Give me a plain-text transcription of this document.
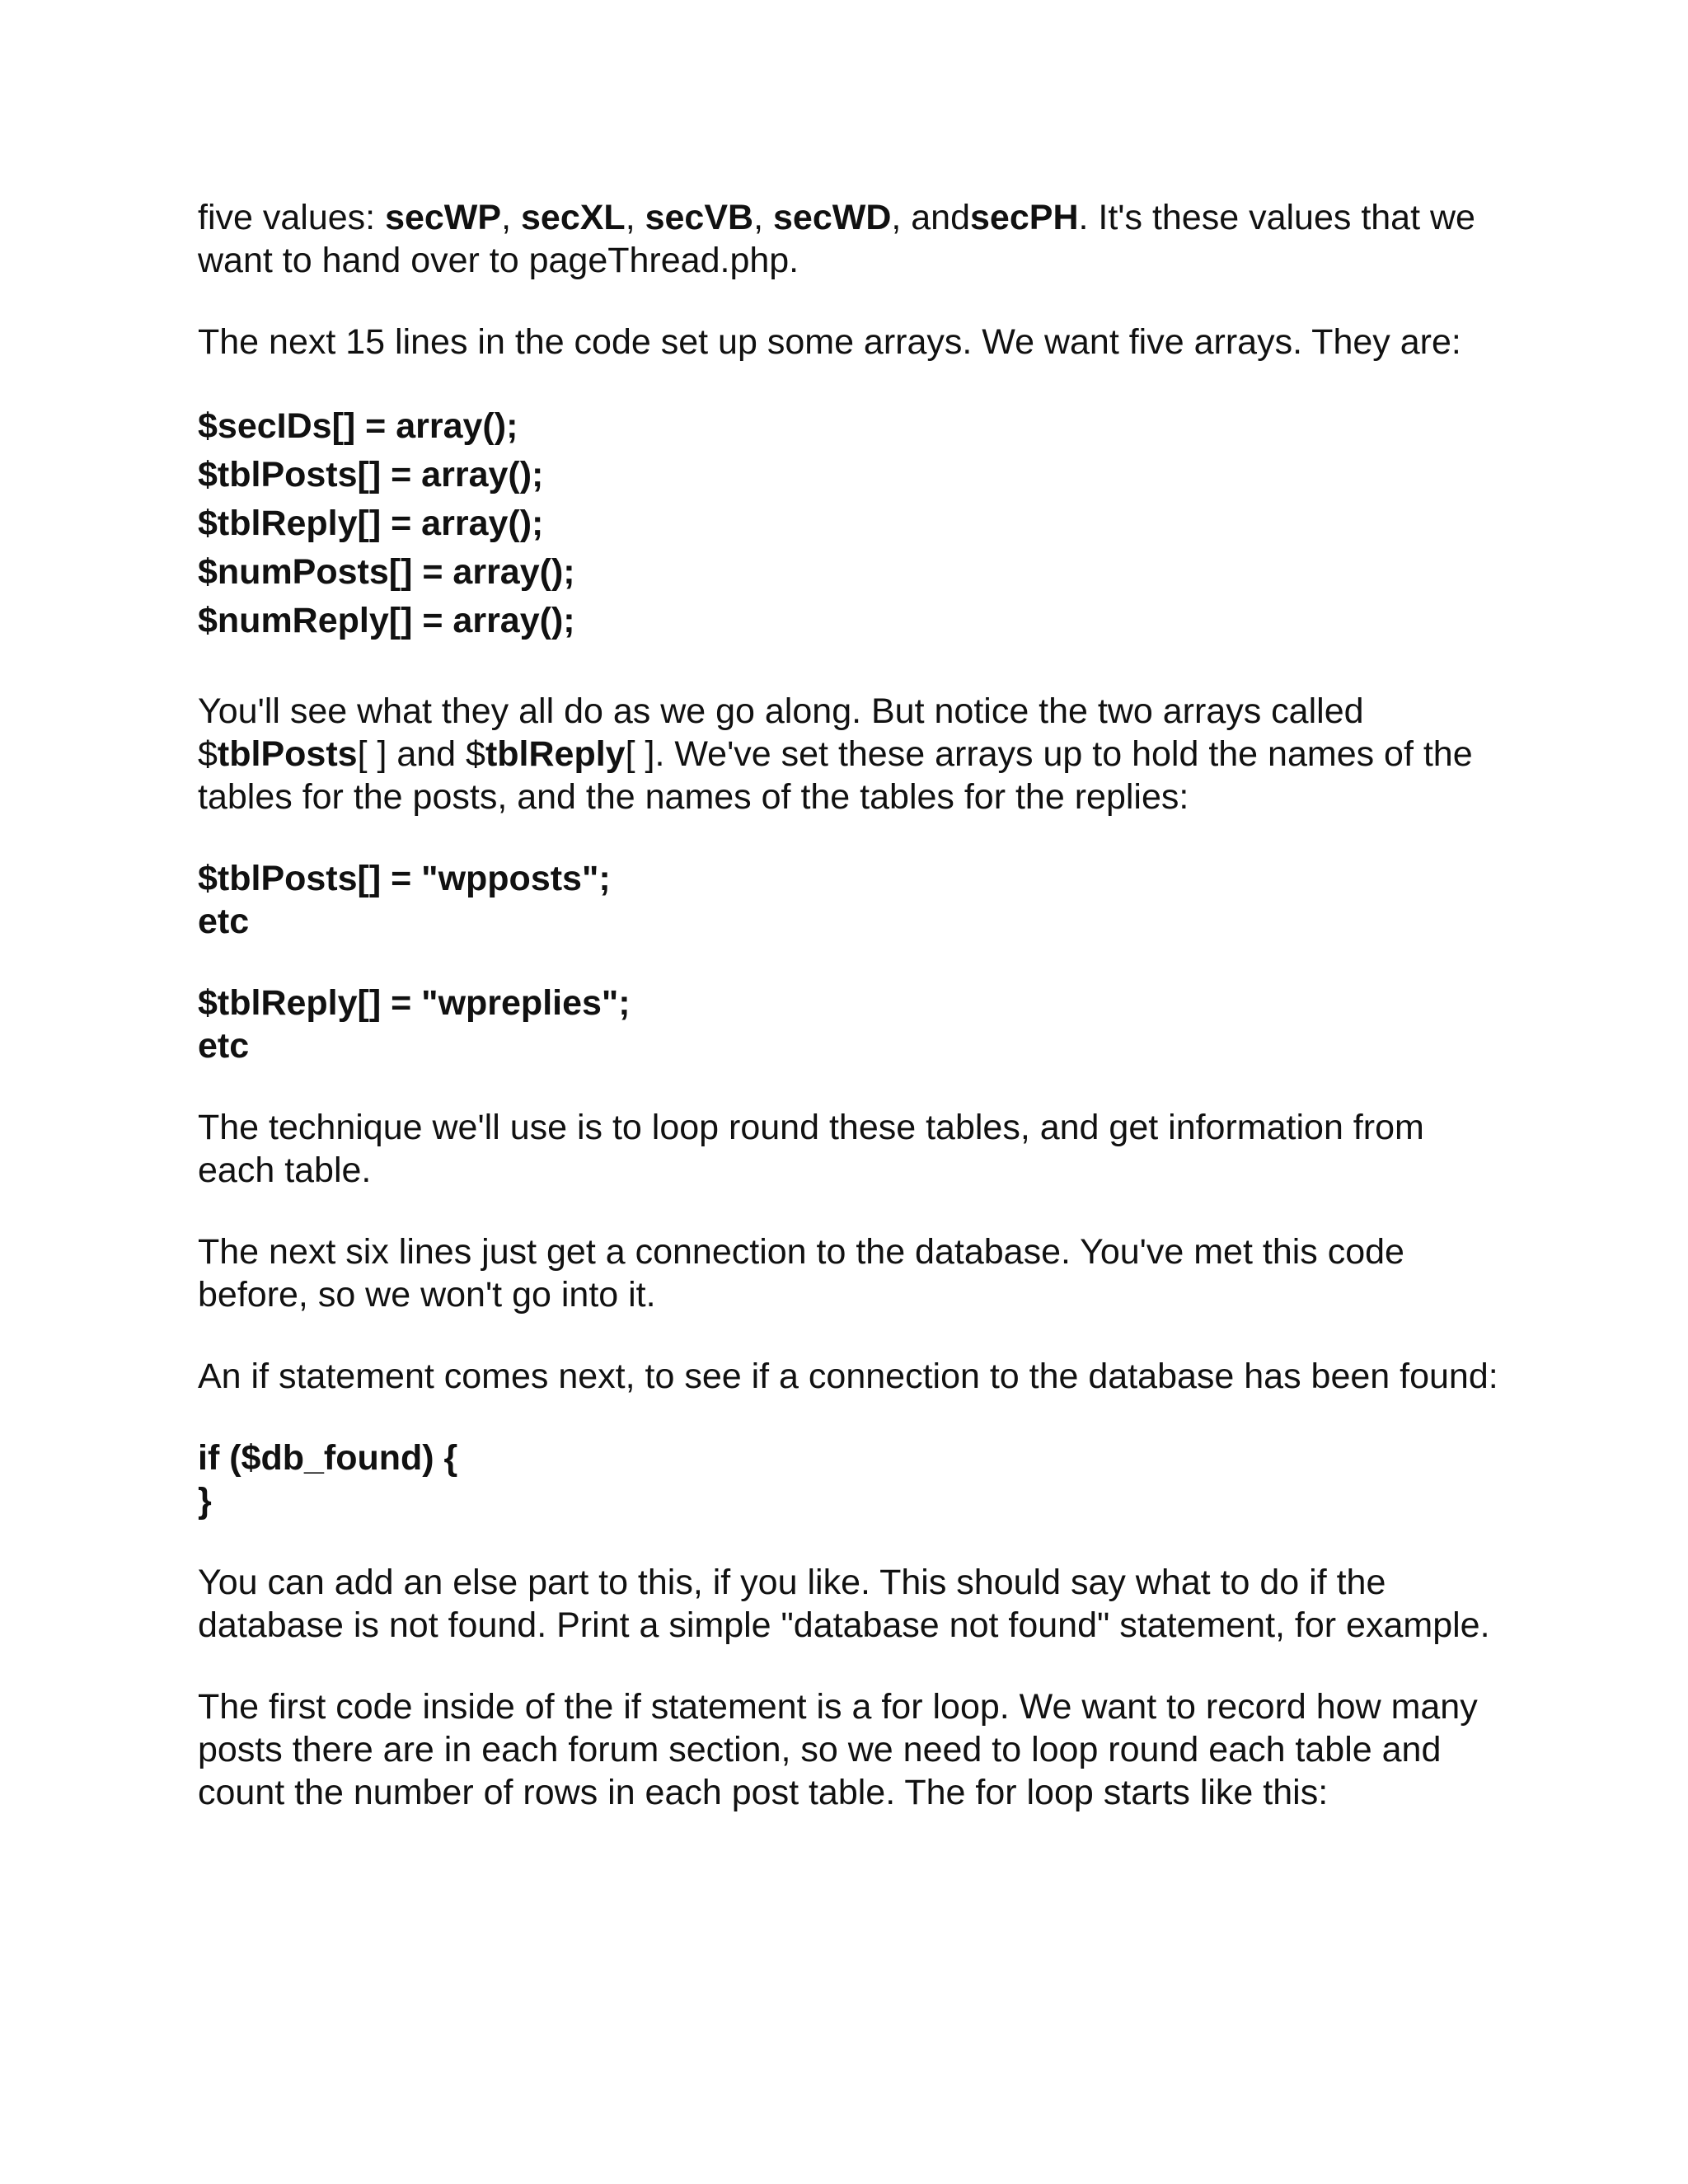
five values: secWP, secXL, secVB, secWD, andsecPH. It's these values that we want to hand over to pageThread.php.

The next 15 lines in the code set up some arrays. We want five arrays. They are:

$secIDs[] = array();
$tblPosts[] = array();
$tblReply[] = array();
$numPosts[] = array();
$numReply[] = array();

You'll see what they all do as we go along. But notice the two arrays called $tblPosts[ ] and $tblReply[ ]. We've set these arrays up to hold the names of the tables for the posts, and the names of the tables for the replies:

$tblPosts[] = "wpposts";
etc
$tblReply[] = "wpreplies";
etc

The technique we'll use is to loop round these tables, and get information from each table.

The next six lines just get a connection to the database. You've met this code before, so we won't go into it.

An if statement comes next, to see if a connection to the database has been found:

if ($db_found) {
}

You can add an else part to this, if you like. This should say what to do if the database is not found. Print a simple "database not found" statement, for example.

The first code inside of the if statement is a for loop. We want to record how many posts there are in each forum section, so we need to loop round each table and count the number of rows in each post table. The for loop starts like this:
